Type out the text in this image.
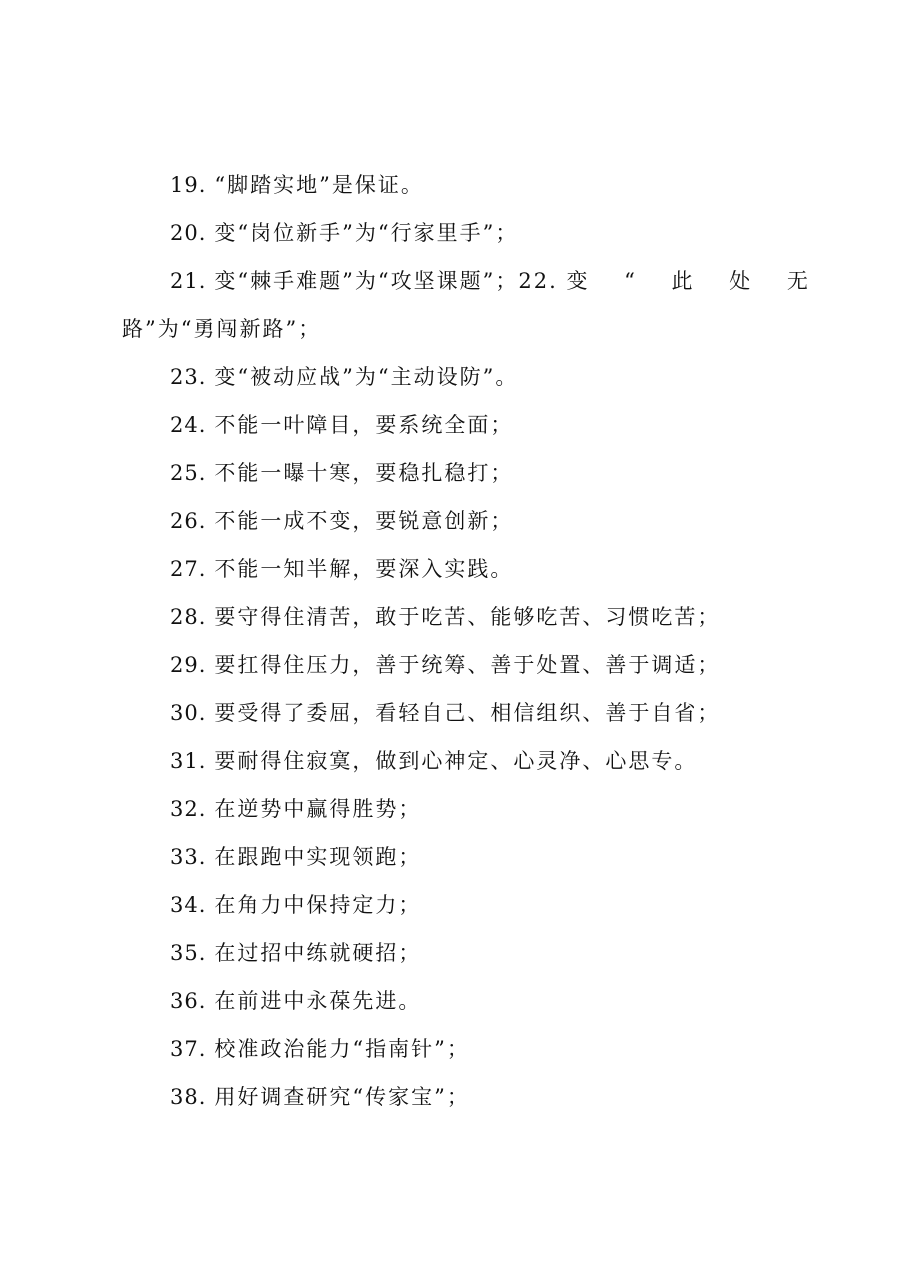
19. “脚踏实地”是保证。
20. 变“岗位新手”为“行家里手”；
21. 变“棘手难题”为“攻坚课题”；22. 变 “ 此 处 无
路”为“勇闯新路”；
23. 变“被动应战”为“主动设防”。
24. 不能一叶障目，要系统全面；
25. 不能一曝十寒，要稳扎稳打；
26. 不能一成不变，要锐意创新；
27. 不能一知半解，要深入实践。
28. 要守得住清苦，敢于吃苦、能够吃苦、习惯吃苦；
29. 要扛得住压力，善于统筹、善于处置、善于调适；
30. 要受得了委屈，看轻自己、相信组织、善于自省；
31. 要耐得住寂寞，做到心神定、心灵净、心思专。
32. 在逆势中赢得胜势；
33. 在跟跑中实现领跑；
34. 在角力中保持定力；
35. 在过招中练就硬招；
36. 在前进中永葆先进。
37. 校准政治能力“指南针”；
38. 用好调查研究“传家宝”；
